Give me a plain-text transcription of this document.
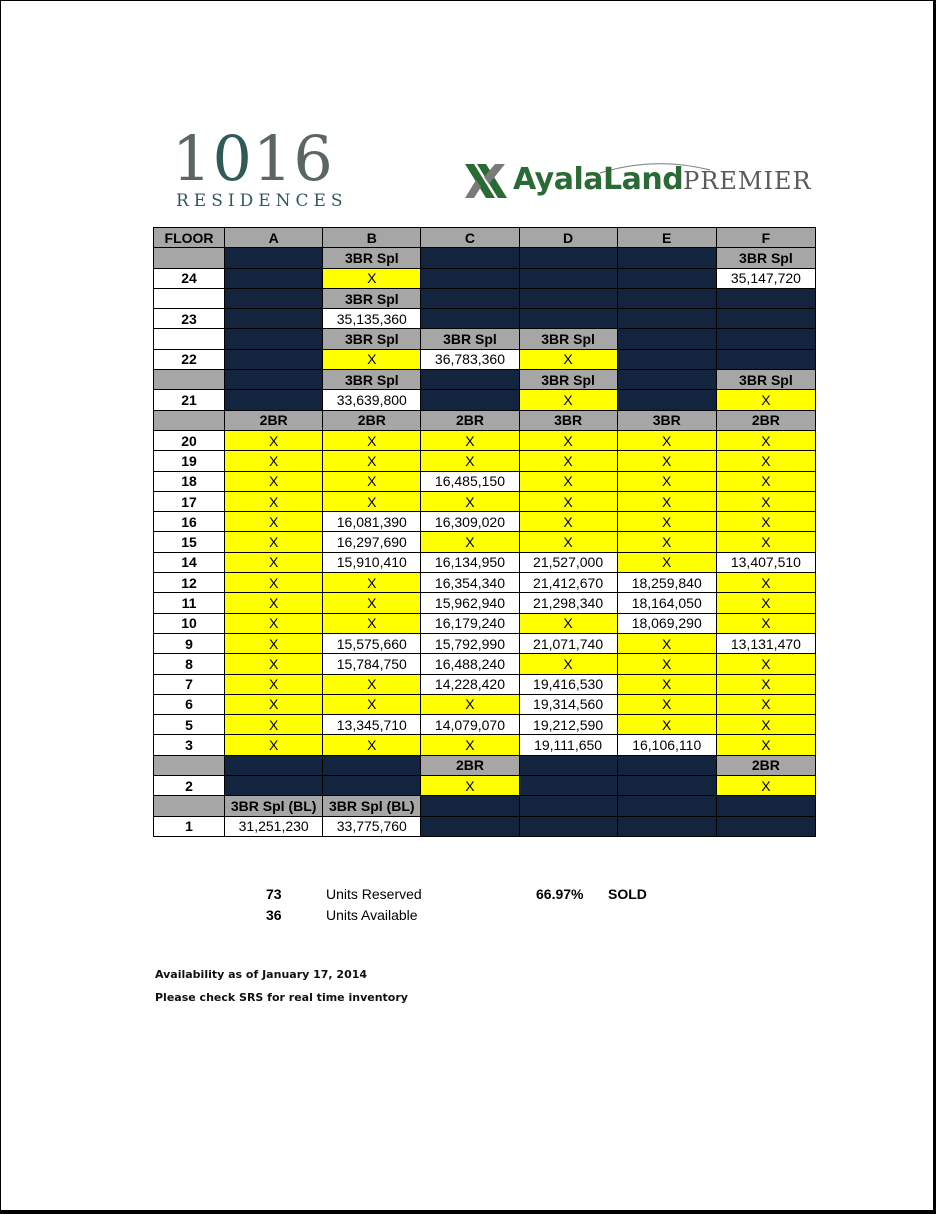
1016
RESIDENCES
AyalaLandPREMIER
FLOOR	A	B	C	D	E	F
		3BR Spl				3BR Spl
24		X				35,147,720
		3BR Spl				
23		35,135,360				
		3BR Spl	3BR Spl	3BR Spl		
22		X	36,783,360	X		
		3BR Spl		3BR Spl		3BR Spl
21		33,639,800		X		X
	2BR	2BR	2BR	3BR	3BR	2BR
20	X	X	X	X	X	X
19	X	X	X	X	X	X
18	X	X	16,485,150	X	X	X
17	X	X	X	X	X	X
16	X	16,081,390	16,309,020	X	X	X
15	X	16,297,690	X	X	X	X
14	X	15,910,410	16,134,950	21,527,000	X	13,407,510
12	X	X	16,354,340	21,412,670	18,259,840	X
11	X	X	15,962,940	21,298,340	18,164,050	X
10	X	X	16,179,240	X	18,069,290	X
9	X	15,575,660	15,792,990	21,071,740	X	13,131,470
8	X	15,784,750	16,488,240	X	X	X
7	X	X	14,228,420	19,416,530	X	X
6	X	X	X	19,314,560	X	X
5	X	13,345,710	14,079,070	19,212,590	X	X
3	X	X	X	19,111,650	16,106,110	X
			2BR			2BR
2			X			X
	3BR Spl (BL)	3BR Spl (BL)				
1	31,251,230	33,775,760				
73	Units Reserved
36	Units Available
66.97% SOLD
Availability as of January 17, 2014
Please check SRS for real time inventory
